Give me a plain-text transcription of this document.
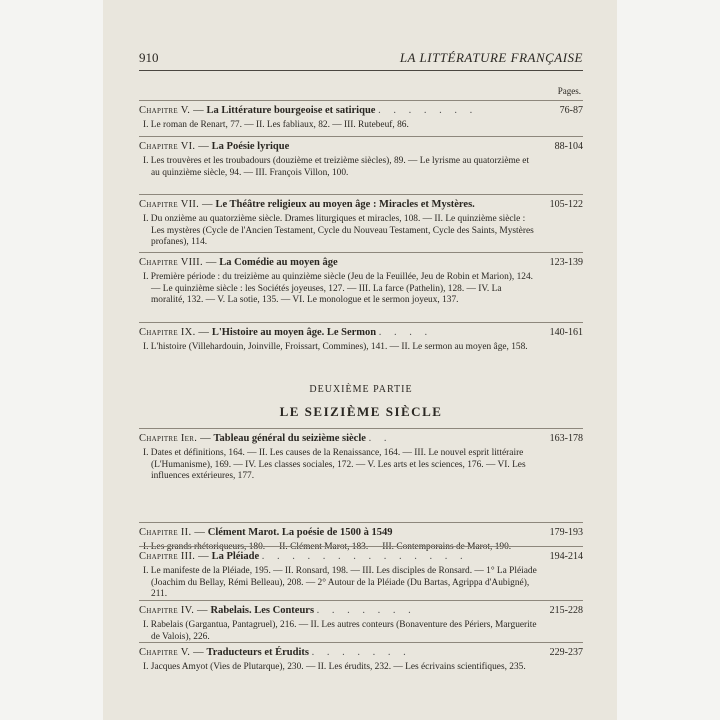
910	LA LITTÉRATURE FRANÇAISE
Pages.
Chapitre V. — La Littérature bourgeoise et satirique . . . . . . .	76-87
I. Le roman de Renart, 77. — II. Les fabliaux, 82. — III. Rutebeuf, 86.
Chapitre VI. — La Poésie lyrique	88-104
I. Les trouvères et les troubadours (douzième et treizième siècles), 89. — Le lyrisme au quatorzième et au quinzième siècle, 94. — III. François Villon, 100.
Chapitre VII. — Le Théâtre religieux au moyen âge : Miracles et Mystères.	105-122
I. Du onzième au quatorzième siècle. Drames liturgiques et miracles, 108. — II. Le quinzième siècle : Les mystères (Cycle de l'Ancien Testament, Cycle du Nouveau Testament, Cycle des Saints, Mystères profanes), 114.
Chapitre VIII. — La Comédie au moyen âge	123-139
I. Première période : du treizième au quinzième siècle (Jeu de la Feuillée, Jeu de Robin et Marion), 124. — Le quinzième siècle : les Sociétés joyeuses, 127. — III. La farce (Pathelin), 128. — IV. La moralité, 132. — V. La sotie, 135. — VI. Le monologue et le sermon joyeux, 137.
Chapitre IX. — L'Histoire au moyen âge. Le Sermon . . . .	140-161
I. L'histoire (Villehardouin, Joinville, Froissart, Commines), 141. — II. Le sermon au moyen âge, 158.
DEUXIÈME PARTIE
LE SEIZIÈME SIÈCLE
Chapitre Ier. — Tableau général du seizième siècle . .	163-178
I. Dates et définitions, 164. — II. Les causes de la Renaissance, 164. — III. Le nouvel esprit littéraire (L'Humanisme), 169. — IV. Les classes sociales, 172. — V. Les arts et les sciences, 176. — VI. Les influences extérieures, 177.
Chapitre II. — Clément Marot. La poésie de 1500 à 1549	179-193
I. Les grands rhétoriqueurs, 180. — II. Clément Marot, 183. — III. Contemporains de Marot, 190.
Chapitre III. — La Pléiade . . . . . . . . . . . . . .	194-214
I. Le manifeste de la Pléiade, 195. — II. Ronsard, 198. — III. Les disciples de Ronsard. — 1° La Pléiade (Joachim du Bellay, Rémi Belleau), 208. — 2° Autour de la Pléiade (Du Bartas, Agrippa d'Aubigné), 211.
Chapitre IV. — Rabelais. Les Conteurs . . . . . . .	215-228
I. Rabelais (Gargantua, Pantagruel), 216. — II. Les autres conteurs (Bonaventure des Périers, Marguerite de Valois), 226.
Chapitre V. — Traducteurs et Érudits . . . . . . .	229-237
I. Jacques Amyot (Vies de Plutarque), 230. — II. Les érudits, 232. — Les écrivains scientifiques, 235.
